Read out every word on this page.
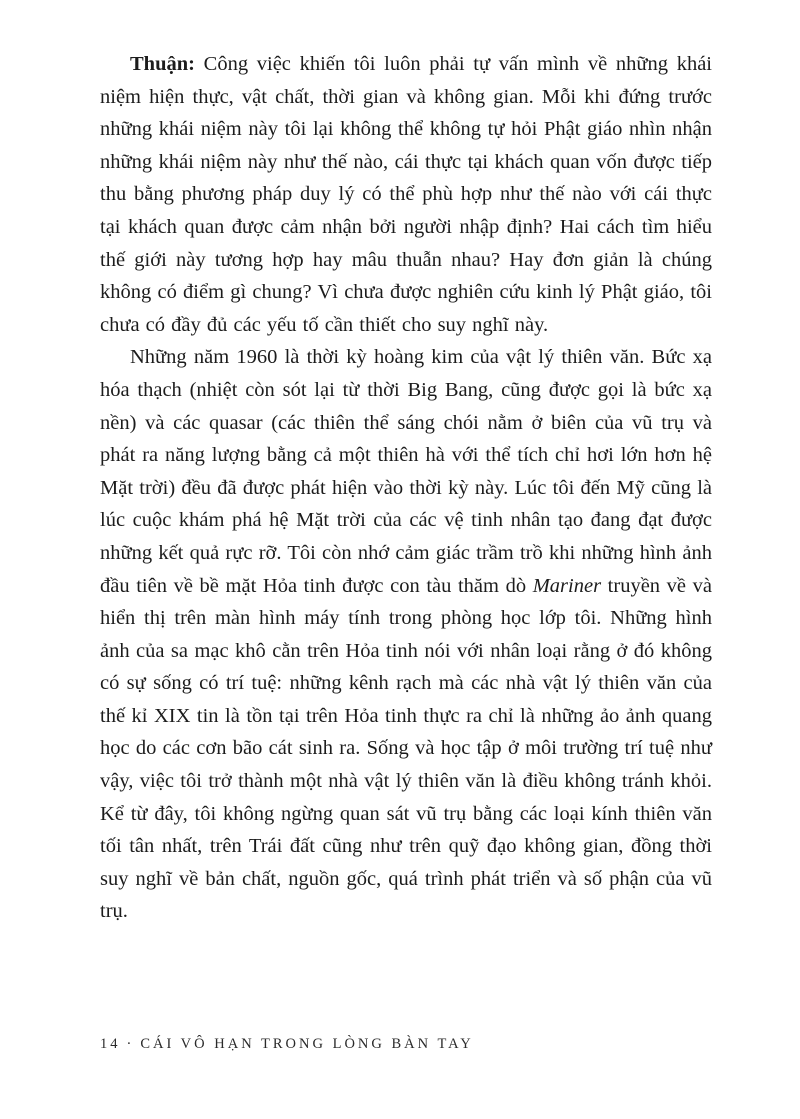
Thuận: Công việc khiến tôi luôn phải tự vấn mình về những khái niệm hiện thực, vật chất, thời gian và không gian. Mỗi khi đứng trước những khái niệm này tôi lại không thể không tự hỏi Phật giáo nhìn nhận những khái niệm này như thế nào, cái thực tại khách quan vốn được tiếp thu bằng phương pháp duy lý có thể phù hợp như thế nào với cái thực tại khách quan được cảm nhận bởi người nhập định? Hai cách tìm hiểu thế giới này tương hợp hay mâu thuẫn nhau? Hay đơn giản là chúng không có điểm gì chung? Vì chưa được nghiên cứu kinh lý Phật giáo, tôi chưa có đầy đủ các yếu tố cần thiết cho suy nghĩ này.

Những năm 1960 là thời kỳ hoàng kim của vật lý thiên văn. Bức xạ hóa thạch (nhiệt còn sót lại từ thời Big Bang, cũng được gọi là bức xạ nền) và các quasar (các thiên thể sáng chói nằm ở biên của vũ trụ và phát ra năng lượng bằng cả một thiên hà với thể tích chỉ hơi lớn hơn hệ Mặt trời) đều đã được phát hiện vào thời kỳ này. Lúc tôi đến Mỹ cũng là lúc cuộc khám phá hệ Mặt trời của các vệ tinh nhân tạo đang đạt được những kết quả rực rỡ. Tôi còn nhớ cảm giác trầm trồ khi những hình ảnh đầu tiên về bề mặt Hỏa tinh được con tàu thăm dò Mariner truyền về và hiển thị trên màn hình máy tính trong phòng học lớp tôi. Những hình ảnh của sa mạc khô cằn trên Hỏa tinh nói với nhân loại rằng ở đó không có sự sống có trí tuệ: những kênh rạch mà các nhà vật lý thiên văn của thế kỉ XIX tin là tồn tại trên Hỏa tinh thực ra chỉ là những ảo ảnh quang học do các cơn bão cát sinh ra. Sống và học tập ở môi trường trí tuệ như vậy, việc tôi trở thành một nhà vật lý thiên văn là điều không tránh khỏi. Kể từ đây, tôi không ngừng quan sát vũ trụ bằng các loại kính thiên văn tối tân nhất, trên Trái đất cũng như trên quỹ đạo không gian, đồng thời suy nghĩ về bản chất, nguồn gốc, quá trình phát triển và số phận của vũ trụ.

14 · CÁI VÔ HẠN TRONG LÒNG BÀN TAY
